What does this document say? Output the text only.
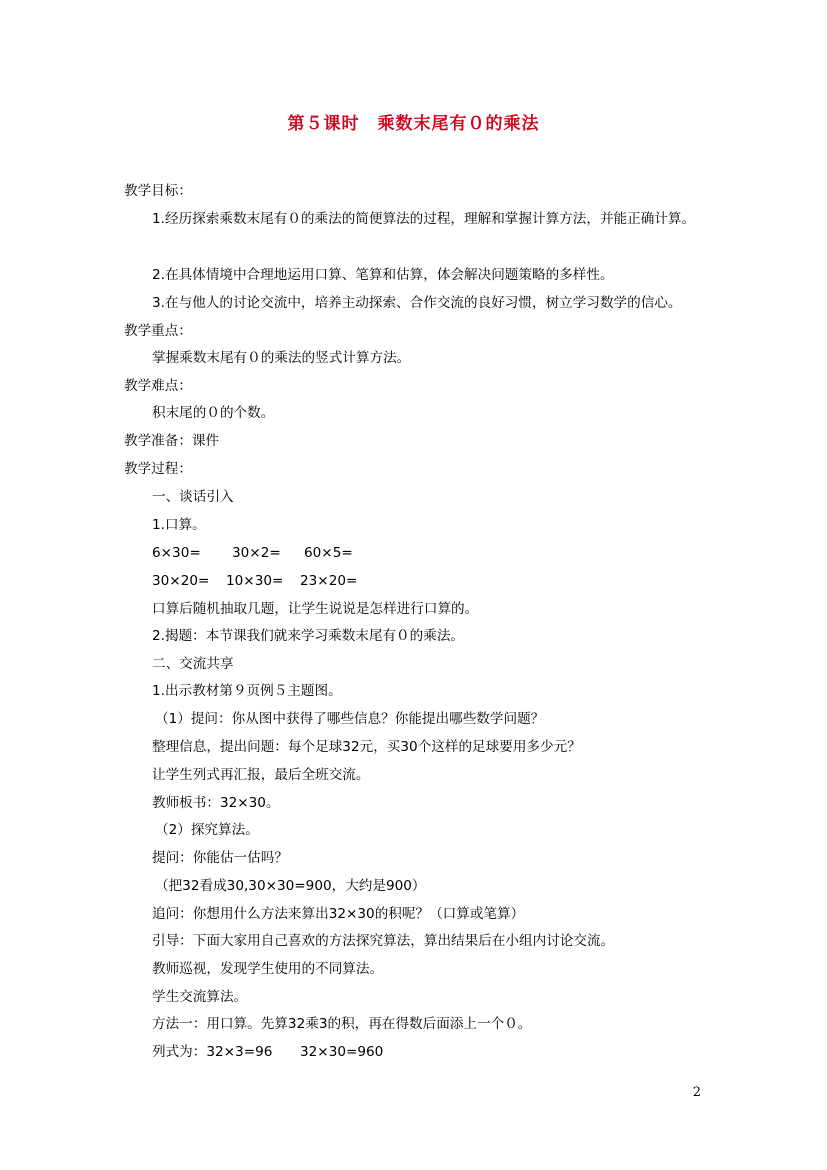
第５课时　乘数末尾有０的乘法
教学目标：
1.经历探索乘数末尾有０的乘法的简便算法的过程，理解和掌握计算方法，并能正确计算。
2.在具体情境中合理地运用口算、笔算和估算，体会解决问题策略的多样性。
3.在与他人的讨论交流中，培养主动探索、合作交流的良好习惯，树立学习数学的信心。
教学重点：
掌握乘数末尾有０的乘法的竖式计算方法。
教学难点：
积末尾的０的个数。
教学准备：课件
教学过程：
一、谈话引入
1.口算。
6×30= 30×2= 60×5=
30×20= 10×30= 23×20=
口算后随机抽取几题，让学生说说是怎样进行口算的。
2.揭题：本节课我们就来学习乘数末尾有０的乘法。
二、交流共享
1.出示教材第９页例５主题图。
（1）提问：你从图中获得了哪些信息？你能提出哪些数学问题？
整理信息，提出问题：每个足球32元，买30个这样的足球要用多少元？
让学生列式再汇报，最后全班交流。
教师板书：32×30。
（2）探究算法。
提问：你能估一估吗？
（把32看成30,30×30=900，大约是900）
追问：你想用什么方法来算出32×30的积呢？（口算或笔算）
引导：下面大家用自己喜欢的方法探究算法，算出结果后在小组内讨论交流。
教师巡视，发现学生使用的不同算法。
学生交流算法。
方法一：用口算。先算32乘3的积，再在得数后面添上一个０。
列式为：32×3=96 32×30=960
2
